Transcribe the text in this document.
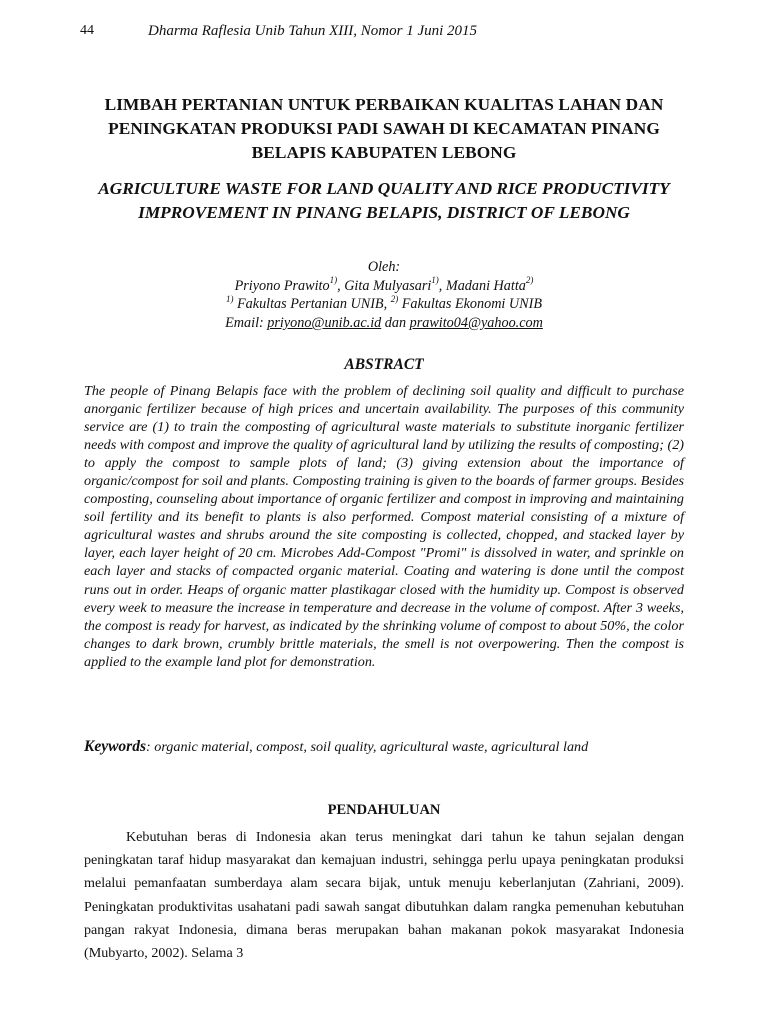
44	Dharma Raflesia Unib Tahun XIII, Nomor 1 Juni 2015
LIMBAH PERTANIAN UNTUK PERBAIKAN KUALITAS LAHAN DAN PENINGKATAN PRODUKSI PADI SAWAH DI KECAMATAN PINANG BELAPIS KABUPATEN LEBONG
AGRICULTURE WASTE FOR LAND QUALITY AND RICE PRODUCTIVITY IMPROVEMENT IN PINANG BELAPIS, DISTRICT OF LEBONG
Oleh:
Priyono Prawito$^{1)}$, Gita Mulyasari$^{1)}$, Madani Hatta$^{2)}$
$^{1)}$ Fakultas Pertanian UNIB, $^{2)}$ Fakultas Ekonomi UNIB
Email: priyono@unib.ac.id dan prawito04@yahoo.com
ABSTRACT
The people of Pinang Belapis face with the problem of declining soil quality and difficult to purchase anorganic fertilizer because of high prices and uncertain availability. The purposes of this community service are (1) to train the composting of agricultural waste materials to substitute inorganic fertilizer needs with compost and improve the quality of agricultural land by utilizing the results of composting; (2) to apply the compost to sample plots of land; (3) giving extension about the importance of organic/compost for soil and plants. Composting training is given to the boards of farmer groups. Besides composting, counseling about importance of organic fertilizer and compost in improving and maintaining soil fertility and its benefit to plants is also performed. Compost material consisting of a mixture of agricultural wastes and shrubs around the site composting is collected, chopped, and stacked layer by layer, each layer height of 20 cm. Microbes Add-Compost "Promi" is dissolved in water, and sprinkle on each layer and stacks of compacted organic material. Coating and watering is done until the compost runs out in order. Heaps of organic matter plastikagar closed with the humidity up. Compost is observed every week to measure the increase in temperature and decrease in the volume of compost. After 3 weeks, the compost is ready for harvest, as indicated by the shrinking volume of compost to about 50%, the color changes to dark brown, crumbly brittle materials, the smell is not overpowering. Then the compost is applied to the example land plot for demonstration.
Keywords: organic material, compost, soil quality, agricultural waste, agricultural land
PENDAHULUAN
Kebutuhan beras di Indonesia akan terus meningkat dari tahun ke tahun sejalan dengan peningkatan taraf hidup masyarakat dan kemajuan industri, sehingga perlu upaya peningkatan produksi melalui pemanfaatan sumberdaya alam secara bijak, untuk menuju keberlanjutan (Zahriani, 2009). Peningkatan produktivitas usahatani padi sawah sangat dibutuhkan dalam rangka pemenuhan kebutuhan pangan rakyat Indonesia, dimana beras merupakan bahan makanan pokok masyarakat Indonesia (Mubyarto, 2002). Selama 3
